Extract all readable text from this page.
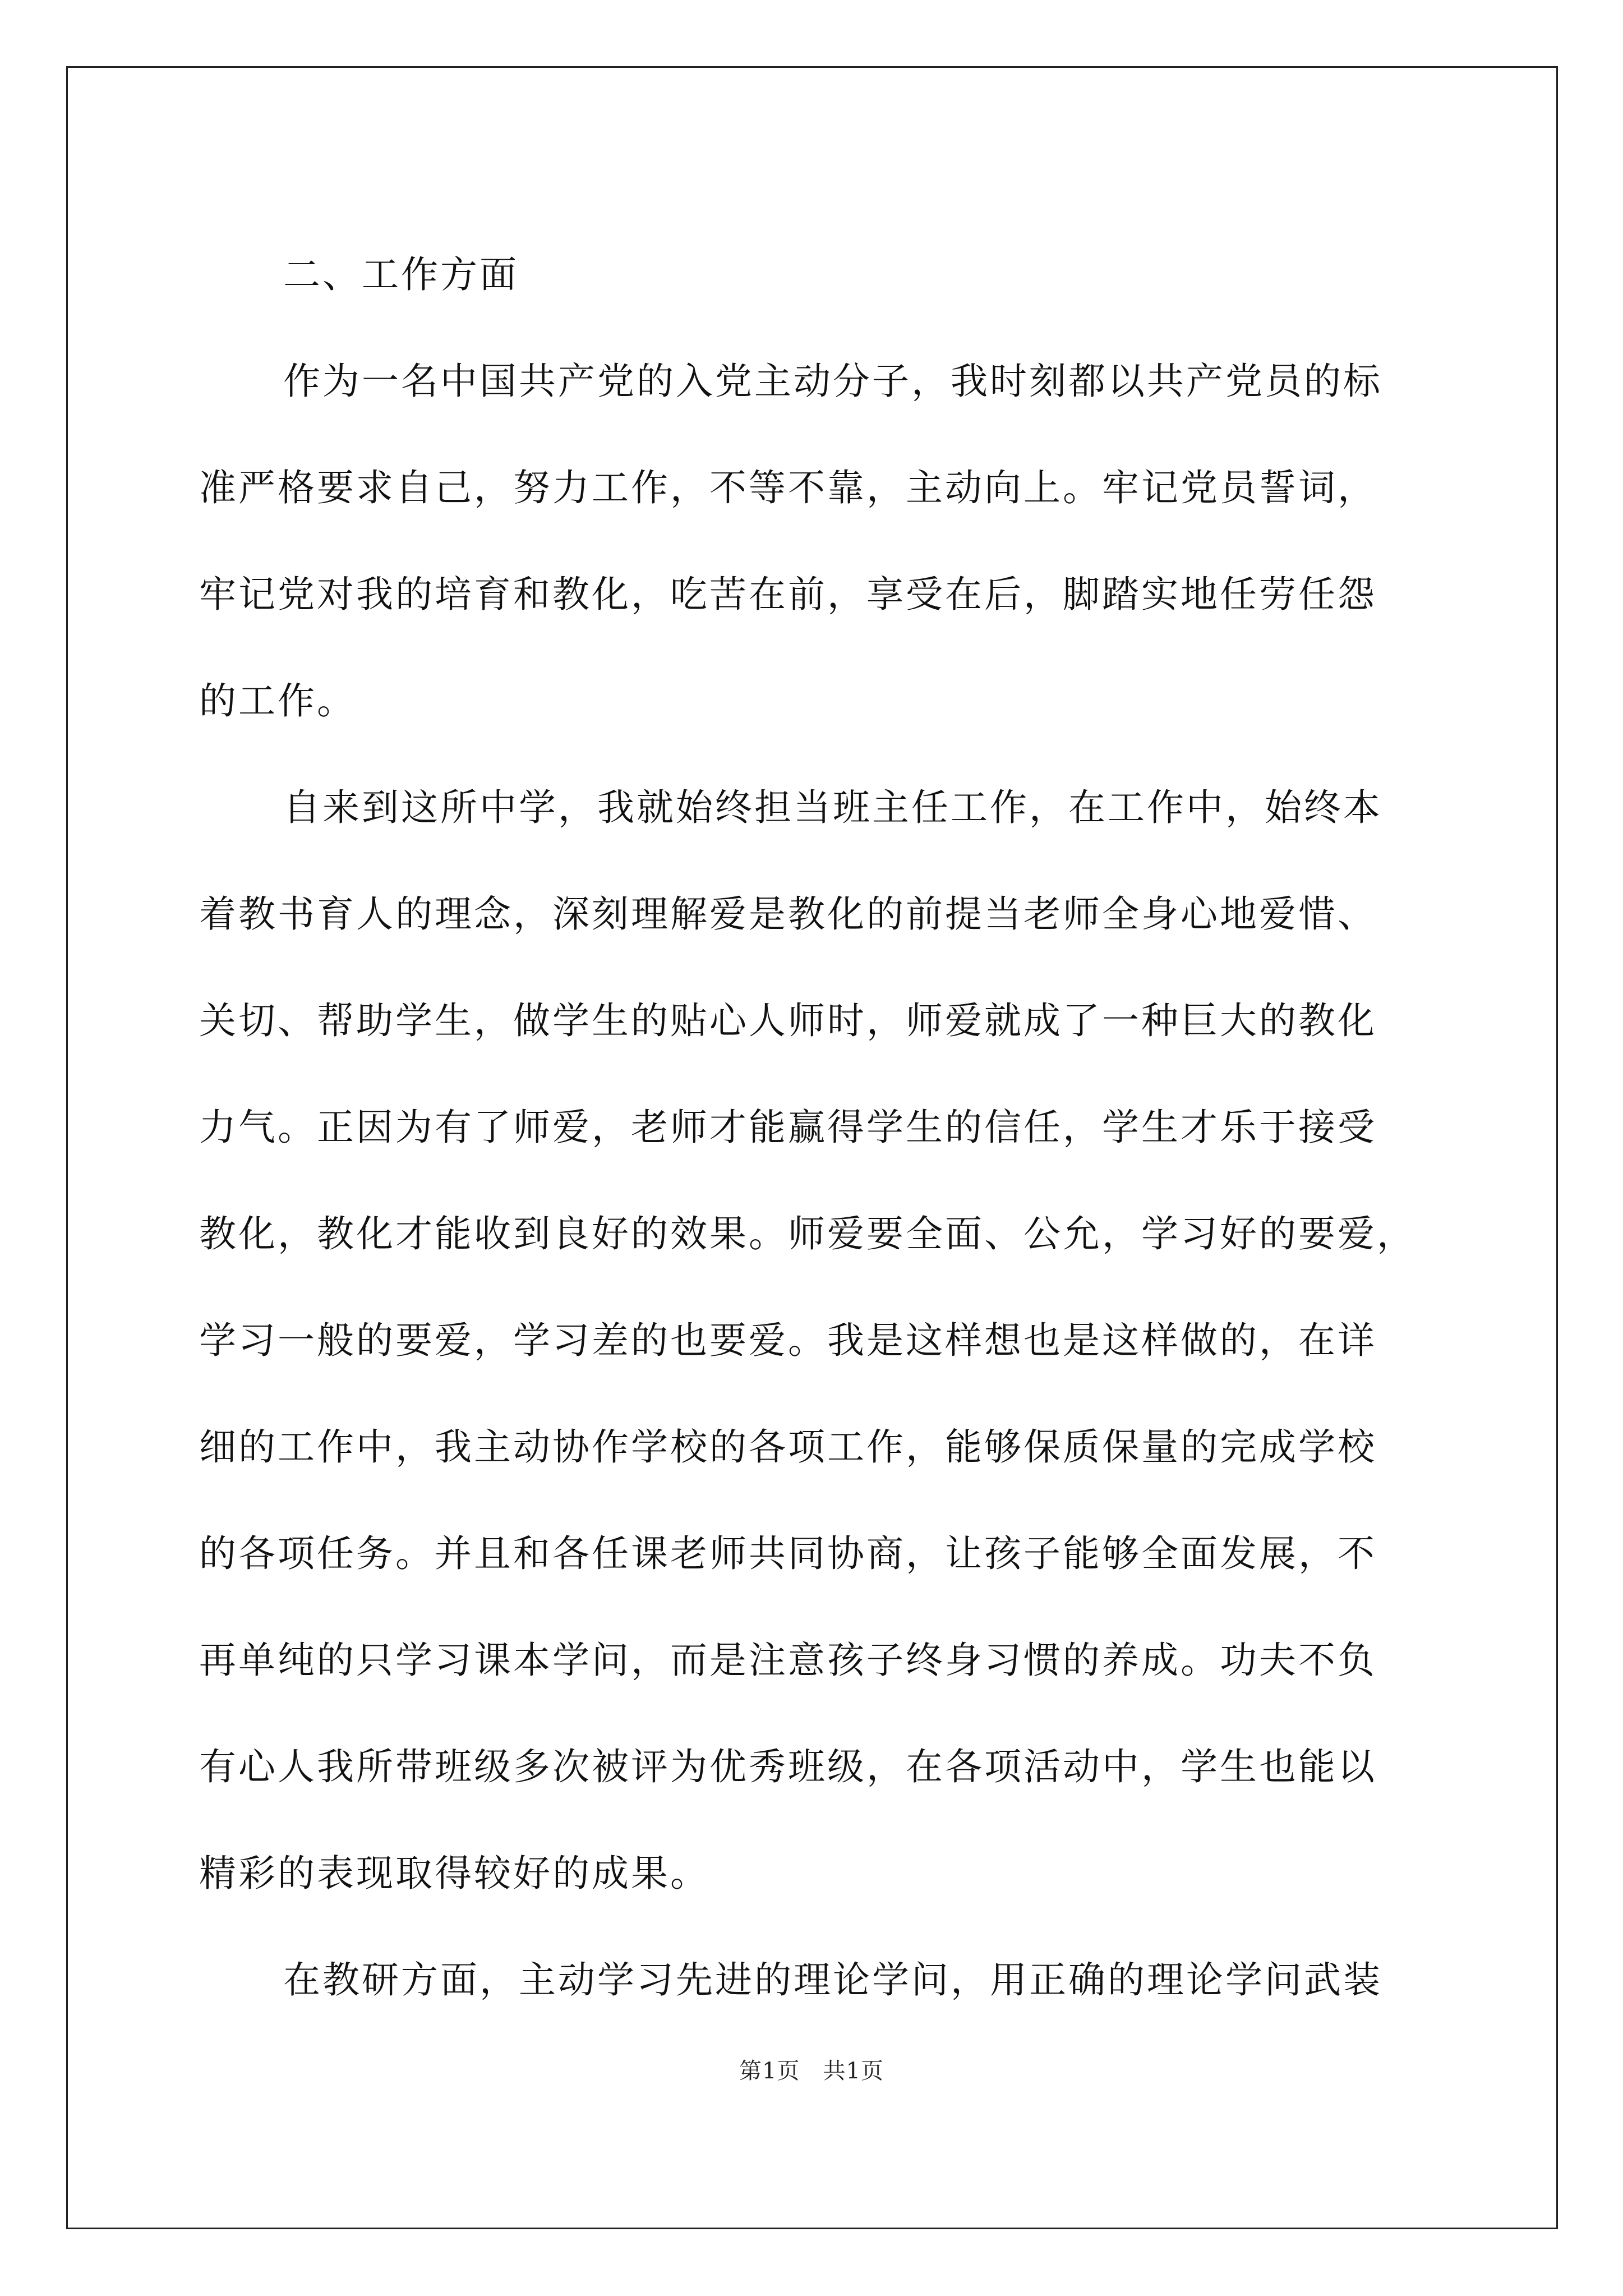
二、工作方面
作为一名中国共产党的入党主动分子，我时刻都以共产党员的标
准严格要求自己，努力工作，不等不靠，主动向上。牢记党员誓词，
牢记党对我的培育和教化，吃苦在前，享受在后，脚踏实地任劳任怨
的工作。
自来到这所中学，我就始终担当班主任工作，在工作中，始终本
着教书育人的理念，深刻理解爱是教化的前提当老师全身心地爱惜、
关切、帮助学生，做学生的贴心人师时，师爱就成了一种巨大的教化
力气。正因为有了师爱，老师才能赢得学生的信任，学生才乐于接受
教化，教化才能收到良好的效果。师爱要全面、公允，学习好的要爱，
学习一般的要爱，学习差的也要爱。我是这样想也是这样做的，在详
细的工作中，我主动协作学校的各项工作，能够保质保量的完成学校
的各项任务。并且和各任课老师共同协商，让孩子能够全面发展，不
再单纯的只学习课本学问，而是注意孩子终身习惯的养成。功夫不负
有心人我所带班级多次被评为优秀班级，在各项活动中，学生也能以
精彩的表现取得较好的成果。
在教研方面，主动学习先进的理论学问，用正确的理论学问武装
第1页　共1页
